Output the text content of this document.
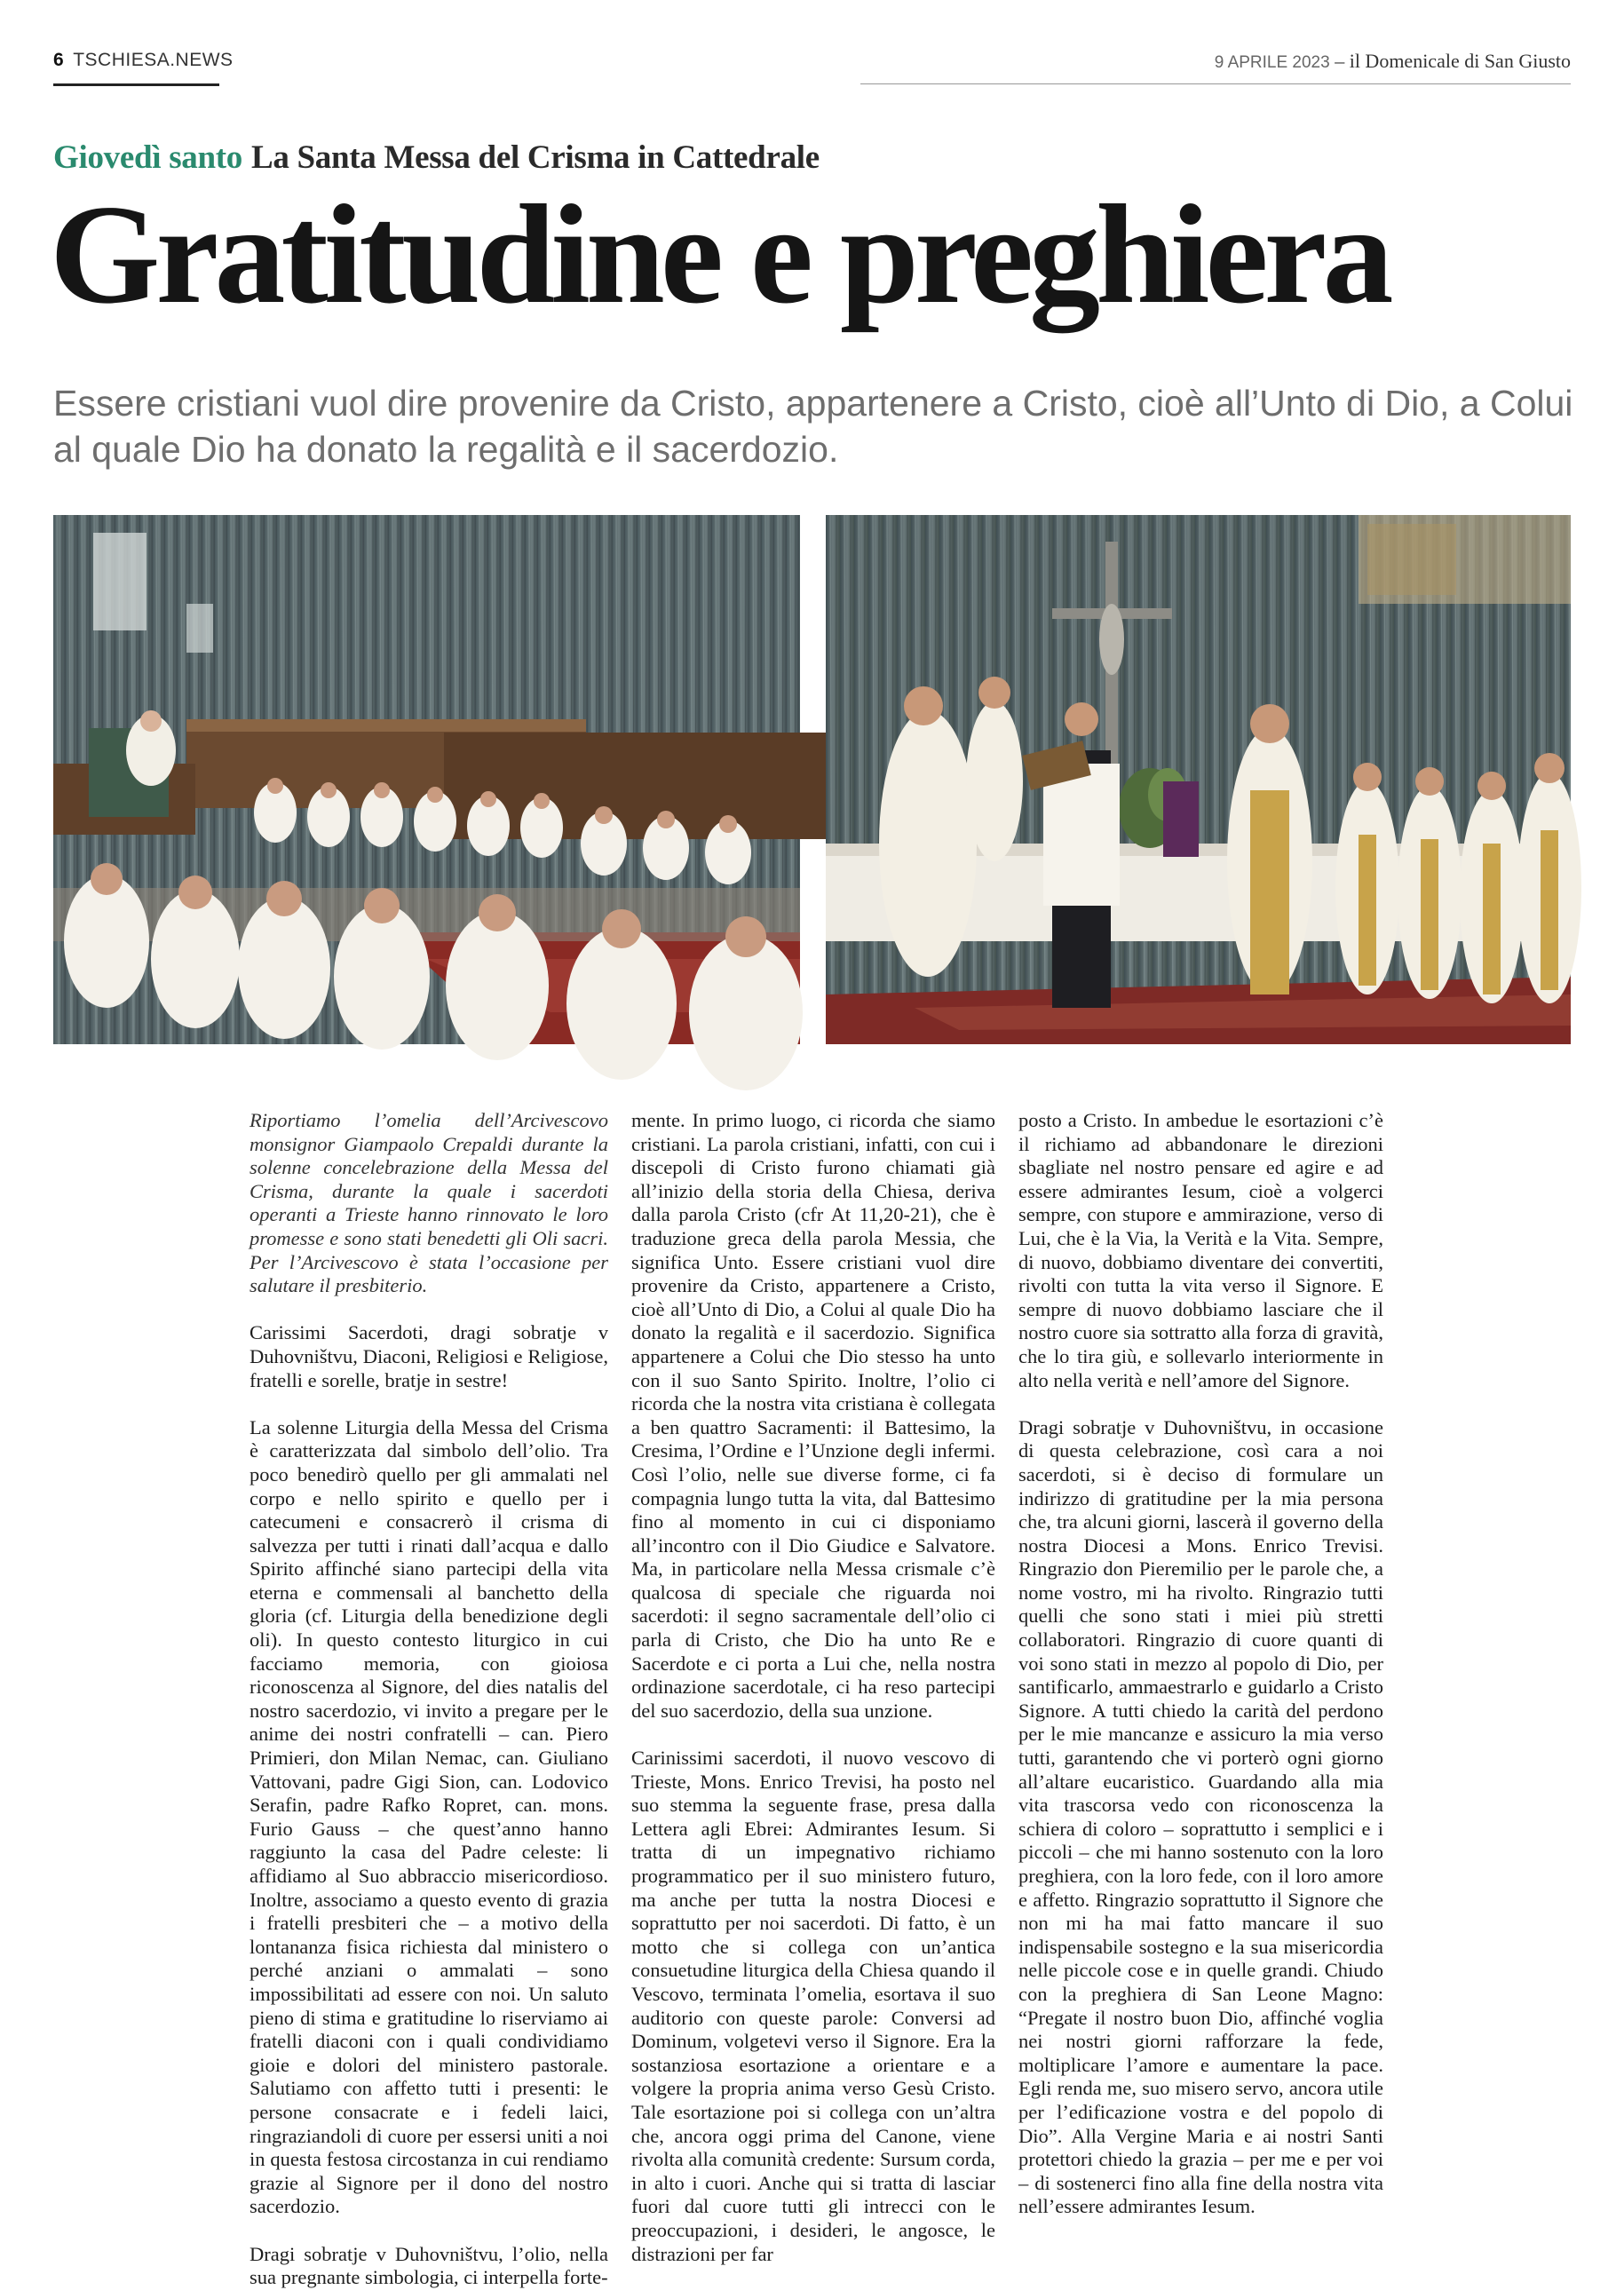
6 TSCHIESA.NEWS	9 APRILE 2023 – il Domenicale di San Giusto
Giovedì santo La Santa Messa del Crisma in Cattedrale
Gratitudine e preghiera
Essere cristiani vuol dire provenire da Cristo, appartenere a Cristo, cioè all’Unto di Dio, a Colui al quale Dio ha donato la regalità e il sacerdozio.

Riportiamo l’omelia dell’Arcivescovo monsignor Giampaolo Crepaldi durante la solenne concelebrazione della Messa del Crisma, durante la quale i sacerdoti operanti a Trieste hanno rinnovato le loro promesse e sono stati benedetti gli Oli sacri. Per l’Arcivescovo è stata l’occasione per salutare il presbiterio.

Carissimi Sacerdoti, dragi sobratje v Duhovništvu, Diaconi, Religiosi e Religiose, fratelli e sorelle, bratje in sestre!

La solenne Liturgia della Messa del Crisma è caratterizzata dal simbolo dell’olio. Tra poco benedirò quello per gli ammalati nel corpo e nello spirito e quello per i catecumeni e consacrerò il crisma di salvezza per tutti i rinati dall’acqua e dallo Spirito affinché siano partecipi della vita eterna e commensali al banchetto della gloria (cf. Liturgia della benedizione degli oli). In questo contesto liturgico in cui facciamo memoria, con gioiosa riconoscenza al Signore, del dies natalis del nostro sacerdozio, vi invito a pregare per le anime dei nostri confratelli – can. Piero Primieri, don Milan Nemac, can. Giuliano Vattovani, padre Gigi Sion, can. Lodovico Serafin, padre Rafko Ropret, can. mons. Furio Gauss – che quest’anno hanno raggiunto la casa del Padre celeste: li affidiamo al Suo abbraccio misericordioso. Inoltre, associamo a questo evento di grazia i fratelli presbiteri che – a motivo della lontananza fisica richiesta dal ministero o perché anziani o ammalati – sono impossibilitati ad essere con noi. Un saluto pieno di stima e gratitudine lo riserviamo ai fratelli diaconi con i quali condividiamo gioie e dolori del ministero pastorale. Salutiamo con affetto tutti i presenti: le persone consacrate e i fedeli laici, ringraziandoli di cuore per essersi uniti a noi in questa festosa circostanza in cui rendiamo grazie al Signore per il dono del nostro sacerdozio.

Dragi sobratje v Duhovništvu, l’olio, nella sua pregnante simbologia, ci interpella forte-

mente. In primo luogo, ci ricorda che siamo cristiani. La parola cristiani, infatti, con cui i discepoli di Cristo furono chiamati già all’inizio della storia della Chiesa, deriva dalla parola Cristo (cfr At 11,20-21), che è traduzione greca della parola Messia, che significa Unto. Essere cristiani vuol dire provenire da Cristo, appartenere a Cristo, cioè all’Unto di Dio, a Colui al quale Dio ha donato la regalità e il sacerdozio. Significa appartenere a Colui che Dio stesso ha unto con il suo Santo Spirito. Inoltre, l’olio ci ricorda che la nostra vita cristiana è collegata a ben quattro Sacramenti: il Battesimo, la Cresima, l’Ordine e l’Unzione degli infermi. Così l’olio, nelle sue diverse forme, ci fa compagnia lungo tutta la vita, dal Battesimo fino al momento in cui ci disponiamo all’incontro con il Dio Giudice e Salvatore. Ma, in particolare nella Messa crismale c’è qualcosa di speciale che riguarda noi sacerdoti: il segno sacramentale dell’olio ci parla di Cristo, che Dio ha unto Re e Sacerdote e ci porta a Lui che, nella nostra ordinazione sacerdotale, ci ha reso partecipi del suo sacerdozio, della sua unzione.

Carinissimi sacerdoti, il nuovo vescovo di Trieste, Mons. Enrico Trevisi, ha posto nel suo stemma la seguente frase, presa dalla Lettera agli Ebrei: Admirantes Iesum. Si tratta di un impegnativo richiamo programmatico per il suo ministero futuro, ma anche per tutta la nostra Diocesi e soprattutto per noi sacerdoti. Di fatto, è un motto che si collega con un’antica consuetudine liturgica della Chiesa quando il Vescovo, terminata l’omelia, esortava il suo auditorio con queste parole: Conversi ad Dominum, volgetevi verso il Signore. Era la sostanziosa esortazione a orientare e a volgere la propria anima verso Gesù Cristo. Tale esortazione poi si collega con un’altra che, ancora oggi prima del Canone, viene rivolta alla comunità credente: Sursum corda, in alto i cuori. Anche qui si tratta di lasciar fuori dal cuore tutti gli intrecci con le preoccupazioni, i desideri, le angosce, le distrazioni per far

posto a Cristo. In ambedue le esortazioni c’è il richiamo ad abbandonare le direzioni sbagliate nel nostro pensare ed agire e ad essere admirantes Iesum, cioè a volgerci sempre, con stupore e ammirazione, verso di Lui, che è la Via, la Verità e la Vita. Sempre, di nuovo, dobbiamo diventare dei convertiti, rivolti con tutta la vita verso il Signore. E sempre di nuovo dobbiamo lasciare che il nostro cuore sia sottratto alla forza di gravità, che lo tira giù, e sollevarlo interiormente in alto nella verità e nell’amore del Signore.

Dragi sobratje v Duhovništvu, in occasione di questa celebrazione, così cara a noi sacerdoti, si è deciso di formulare un indirizzo di gratitudine per la mia persona che, tra alcuni giorni, lascerà il governo della nostra Diocesi a Mons. Enrico Trevisi. Ringrazio don Pieremilio per le parole che, a nome vostro, mi ha rivolto. Ringrazio tutti quelli che sono stati i miei più stretti collaboratori. Ringrazio di cuore quanti di voi sono stati in mezzo al popolo di Dio, per santificarlo, ammaestrarlo e guidarlo a Cristo Signore. A tutti chiedo la carità del perdono per le mie mancanze e assicuro la mia verso tutti, garantendo che vi porterò ogni giorno all’altare eucaristico. Guardando alla mia vita trascorsa vedo con riconoscenza la schiera di coloro – soprattutto i semplici e i piccoli – che mi hanno sostenuto con la loro preghiera, con la loro fede, con il loro amore e affetto. Ringrazio soprattutto il Signore che non mi ha mai fatto mancare il suo indispensabile sostegno e la sua misericordia nelle piccole cose e in quelle grandi. Chiudo con la preghiera di San Leone Magno: “Pregate il nostro buon Dio, affinché voglia nei nostri giorni rafforzare la fede, moltiplicare l’amore e aumentare la pace. Egli renda me, suo misero servo, ancora utile per l’edificazione vostra e del popolo di Dio”. Alla Vergine Maria e ai nostri Santi protettori chiedo la grazia – per me e per voi – di sostenerci fino alla fine della nostra vita nell’essere admirantes Iesum.
